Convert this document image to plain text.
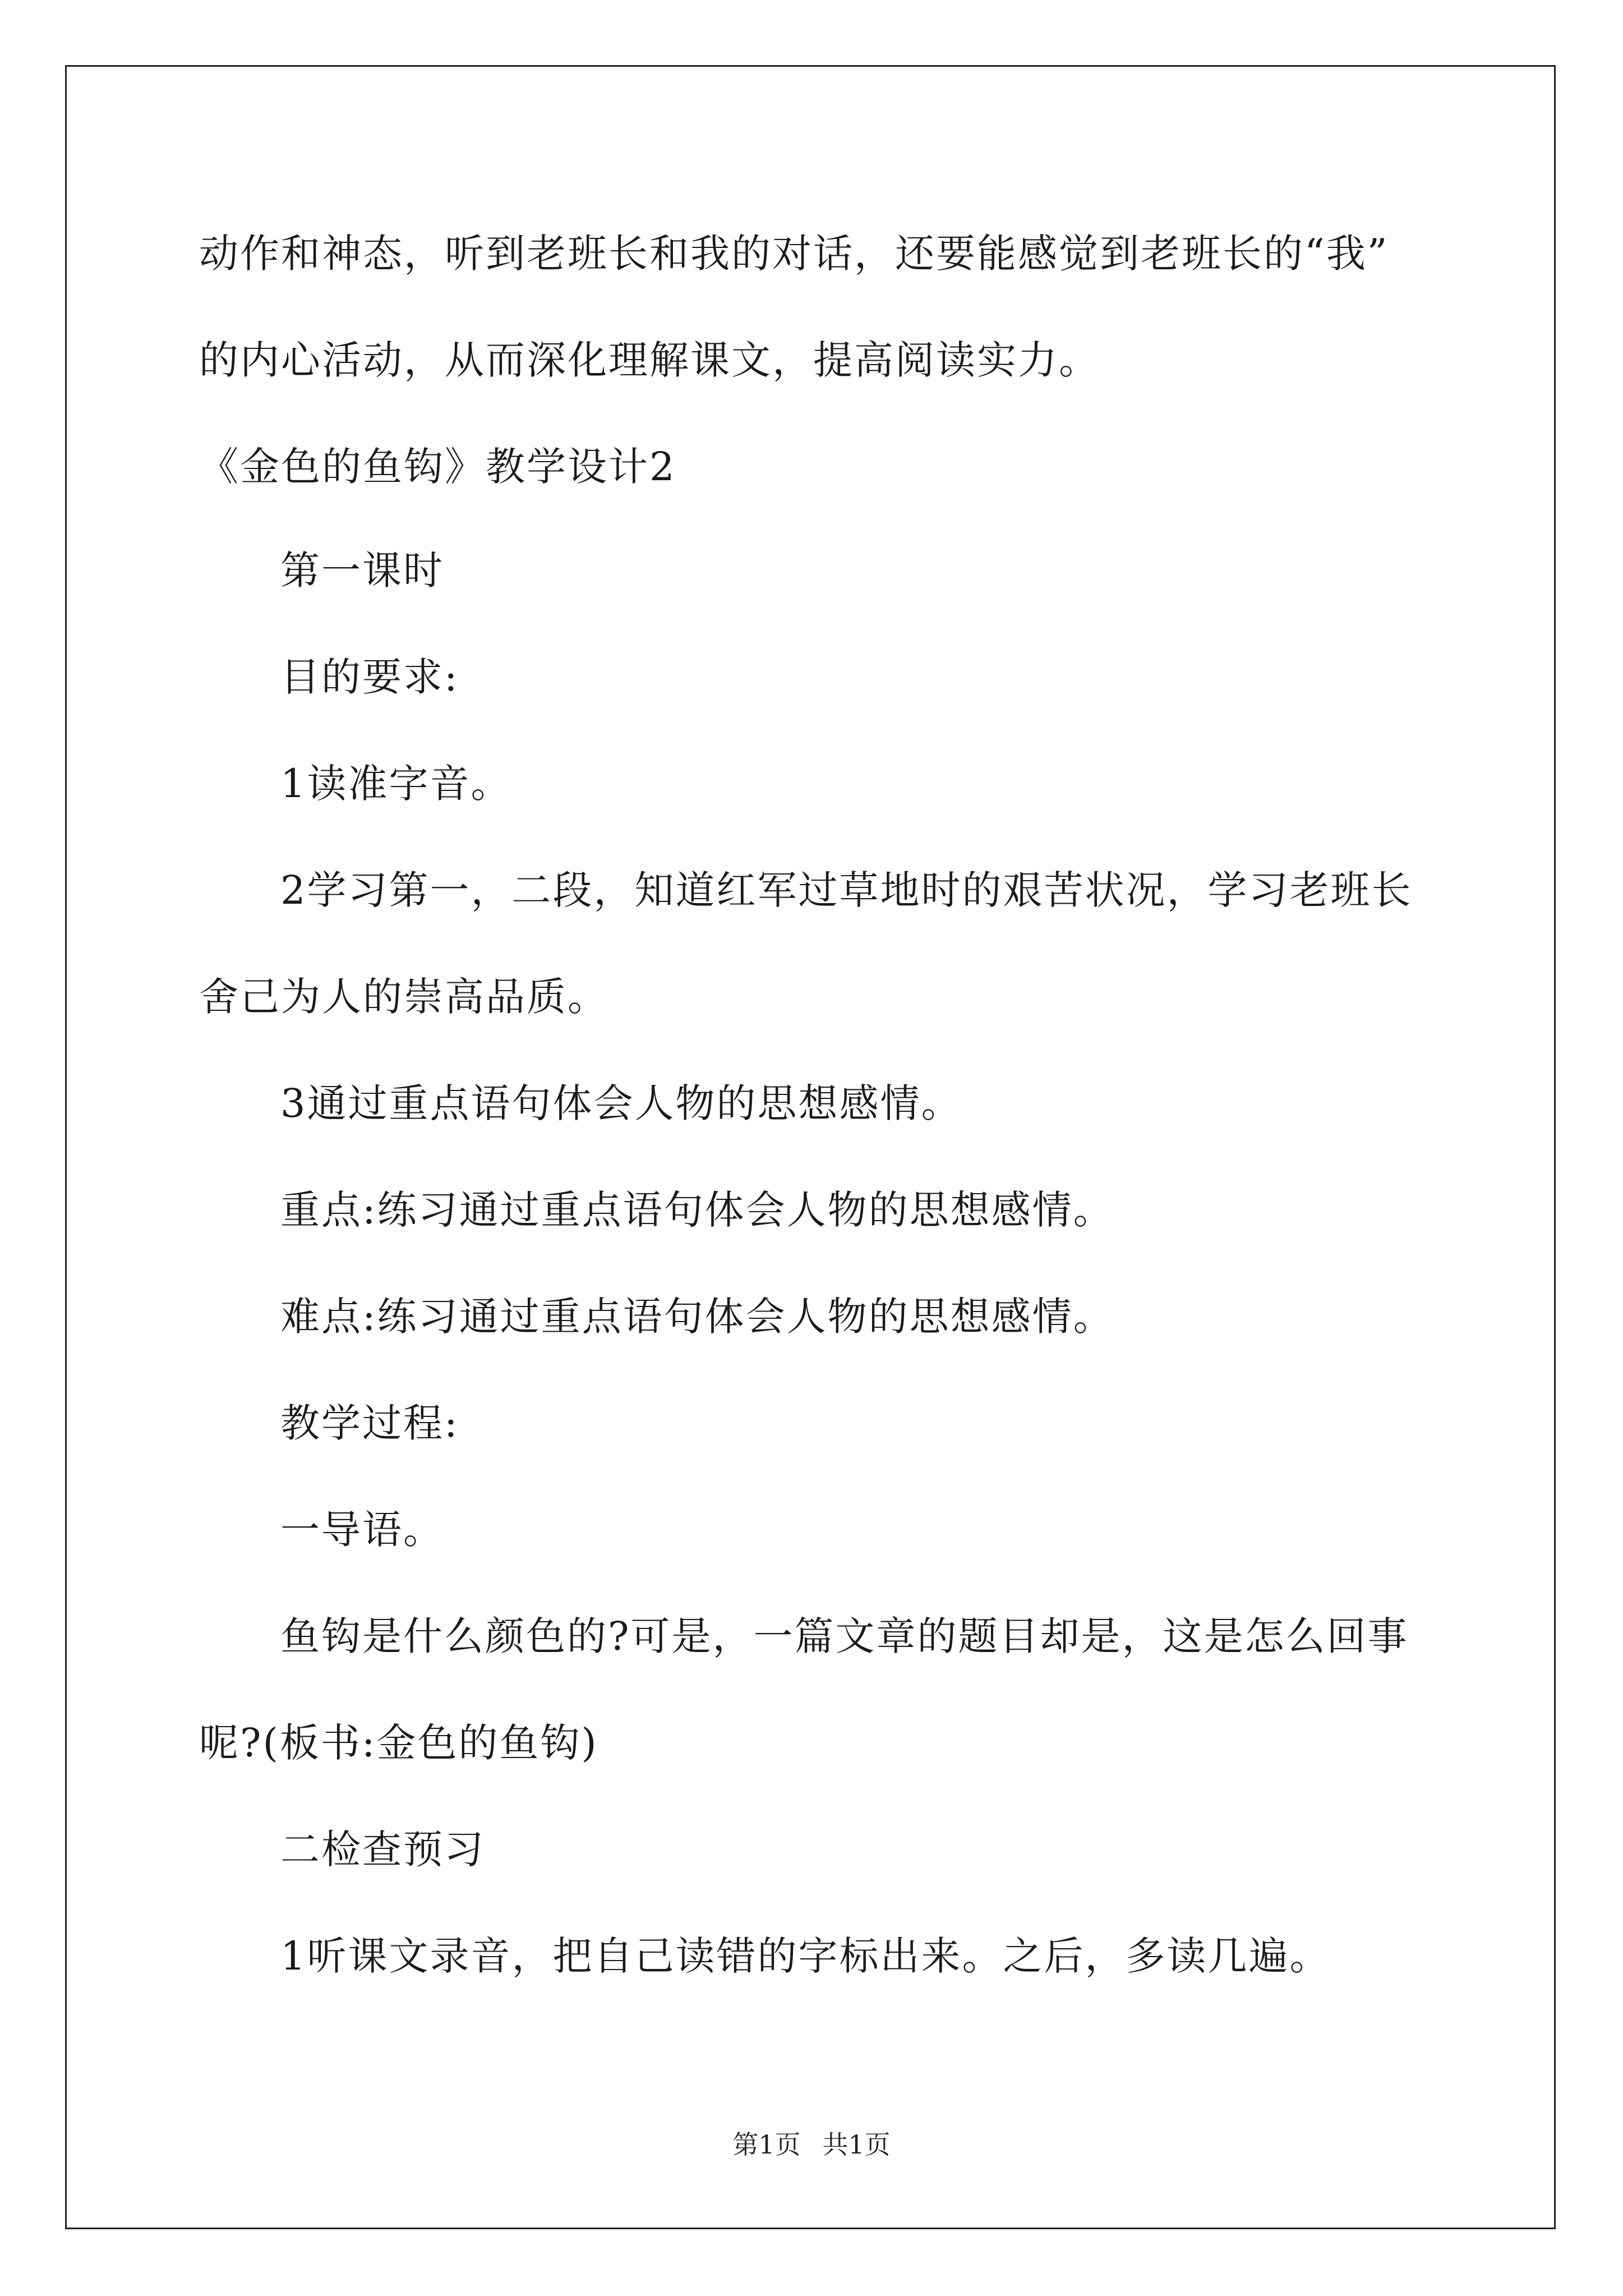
动作和神态，听到老班长和我的对话，还要能感觉到老班长的“我”
的内心活动，从而深化理解课文，提高阅读实力。
《金色的鱼钩》教学设计2
第一课时
目的要求:
1读准字音。
2学习第一，二段，知道红军过草地时的艰苦状况，学习老班长
舍己为人的崇高品质。
3通过重点语句体会人物的思想感情。
重点:练习通过重点语句体会人物的思想感情。
难点:练习通过重点语句体会人物的思想感情。
教学过程:
一导语。
鱼钩是什么颜色的?可是，一篇文章的题目却是，这是怎么回事
呢?(板书:金色的鱼钩)
二检查预习
1听课文录音，把自己读错的字标出来。之后，多读几遍。
第1页 共1页
